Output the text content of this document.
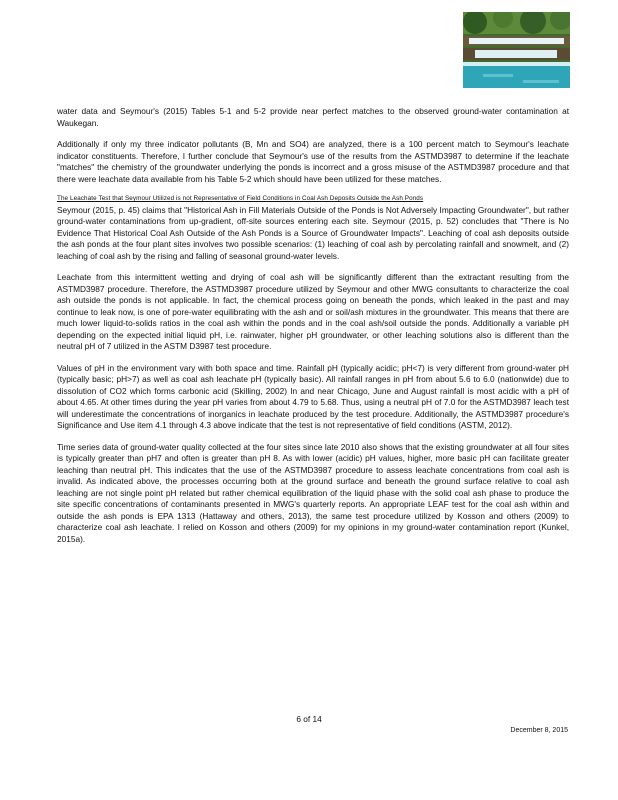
water data and Seymour's (2015) Tables 5-1 and 5-2 provide near perfect matches to the observed ground-water contamination at Waukegan.

Additionally if only my three indicator pollutants (B, Mn and SO4) are analyzed, there is a 100 percent match to Seymour's leachate indicator constituents. Therefore, I further conclude that Seymour's use of the results from the ASTMD3987 to determine if the leachate "matches" the chemistry of the groundwater underlying the ponds is incorrect and a gross misuse of the ASTMD3987 procedure and that there were leachate data available from his Table 5-2 which should have been utilized for these matches.

The Leachate Test that Seymour Utilized is not Representative of Field Conditions in Coal Ash Deposits Outside the Ash Ponds

Seymour (2015, p. 45) claims that "Historical Ash in Fill Materials Outside of the Ponds is Not Adversely Impacting Groundwater", but rather ground-water contaminations from up-gradient, off-site sources entering each site. Seymour (2015, p. 52) concludes that "There is No Evidence That Historical Coal Ash Outside of the Ash Ponds is a Source of Groundwater Impacts". Leaching of coal ash deposits outside the ash ponds at the four plant sites involves two possible scenarios: (1) leaching of coal ash by percolating rainfall and snowmelt, and (2) leaching of coal ash by the rising and falling of seasonal ground-water levels.

Leachate from this intermittent wetting and drying of coal ash will be significantly different than the extractant resulting from the ASTMD3987 procedure. Therefore, the ASTMD3987 procedure utilized by Seymour and other MWG consultants to characterize the coal ash outside the ponds is not applicable. In fact, the chemical process going on beneath the ponds, which leaked in the past and may continue to leak now, is one of pore-water equilibrating with the ash and or soil/ash mixtures in the groundwater. This means that there are much lower liquid-to-solids ratios in the coal ash within the ponds and in the coal ash/soil outside the ponds. Additionally a variable pH depending on the expected initial liquid pH, i.e. rainwater, higher pH groundwater, or other leaching solutions also is different than the neutral pH of 7 utilized in the ASTM D3987 test procedure.

Values of pH in the environment vary with both space and time. Rainfall pH (typically acidic; pH<7) is very different from ground-water pH (typically basic; pH>7) as well as coal ash leachate pH (typically basic). All rainfall ranges in pH from about 5.6 to 6.0 (nationwide) due to dissolution of CO2 which forms carbonic acid (Skilling, 2002) In and near Chicago, June and August rainfall is most acidic with a pH of about 4.65. At other times during the year pH varies from about 4.79 to 5.68. Thus, using a neutral pH of 7.0 for the ASTMD3987 leach test will underestimate the concentrations of inorganics in leachate produced by the test procedure. Additionally, the ASTMD3987 procedure's Significance and Use item 4.1 through 4.3 above indicate that the test is not representative of field conditions (ASTM, 2012).

Time series data of ground-water quality collected at the four sites since late 2010 also shows that the existing groundwater at all four sites is typically greater than pH7 and often is greater than pH 8. As with lower (acidic) pH values, higher, more basic pH can facilitate greater leaching than neutral pH. This indicates that the use of the ASTMD3987 procedure to assess leachate concentrations from coal ash is invalid. As indicated above, the processes occurring both at the ground surface and beneath the ground surface relative to coal ash leaching are not single point pH related but rather chemical equilibration of the liquid phase with the solid coal ash phase to produce the site specific concentrations of contaminants presented in MWG's quarterly reports. An appropriate LEAF test for the coal ash within and outside the ash ponds is EPA 1313 (Hattaway and others, 2013), the same test procedure utilized by Kosson and others (2009) to characterize coal ash leachate. I relied on Kosson and others (2009) for my opinions in my ground-water contamination report (Kunkel, 2015a).

6 of 14
December 8, 2015
